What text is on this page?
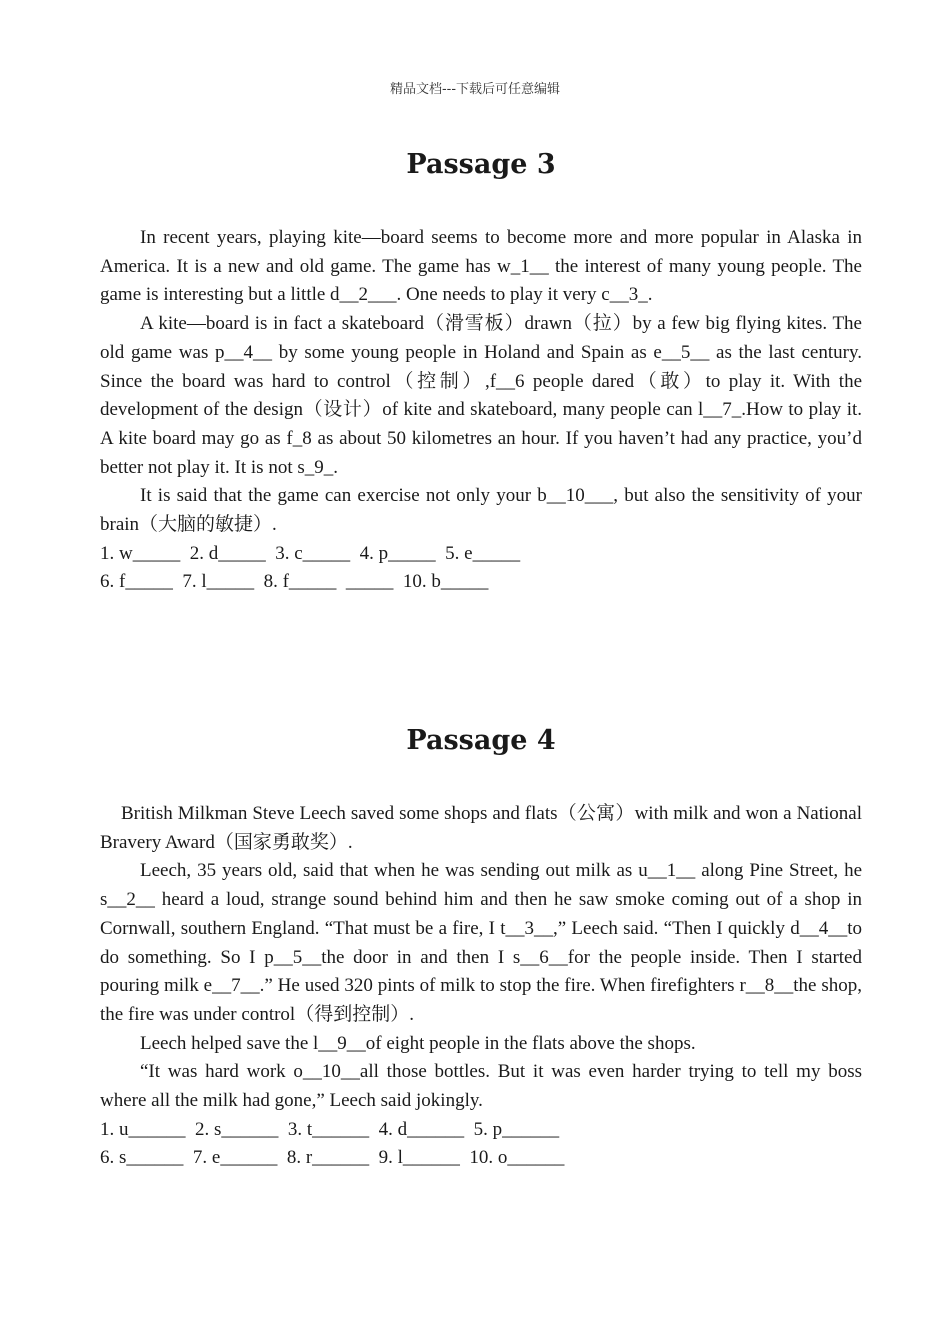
精品文档---下载后可任意编辑
Passage 3

In recent years, playing kite—board seems to become more and more popular in Alaska in America. It is a new and old game. The game has w_1__ the interest of many young people. The game is interesting but a little d__2___. One needs to play it very c__3_.

A kite—board is in fact a skateboard（滑雪板）drawn（拉）by a few big flying kites. The old game was p__4__ by some young people in Holand and Spain as e__5__ as the last century. Since the board was hard to control（控制）,f__6 people dared（敢）to play it. With the development of the design（设计）of kite and skateboard, many people can l__7_.How to play it. A kite board may go as f_8 as about 50 kilometres an hour. If you haven’t had any practice, you’d better not play it. It is not s_9_.

It is said that the game can exercise not only your b__10___, but also the sensitivity of your brain（大脑的敏捷）.

1. w_____  2. d_____  3. c_____  4. p_____  5. e_____
6. f_____  7. l_____  8. f_____  _____  10. b_____
Passage 4

British Milkman Steve Leech saved some shops and flats（公寓）with milk and won a National Bravery Award（国家勇敢奖）.

Leech, 35 years old, said that when he was sending out milk as u__1__ along Pine Street, he s__2__ heard a loud, strange sound behind him and then he saw smoke coming out of a shop in Cornwall, southern England. “That must be a fire, I t__3__,” Leech said. “Then I quickly d__4__to do something. So I p__5__the door in and then I s__6__for the people inside. Then I started pouring milk e__7__.” He used 320 pints of milk to stop the fire. When firefighters r__8__the shop, the fire was under control（得到控制）.

Leech helped save the l__9__of eight people in the flats above the shops.

“It was hard work o__10__all those bottles. But it was even harder trying to tell my boss where all the milk had gone,” Leech said jokingly.

1. u______  2. s______  3. t______  4. d______  5. p______
6. s______  7. e______  8. r______  9. l______  10. o______
